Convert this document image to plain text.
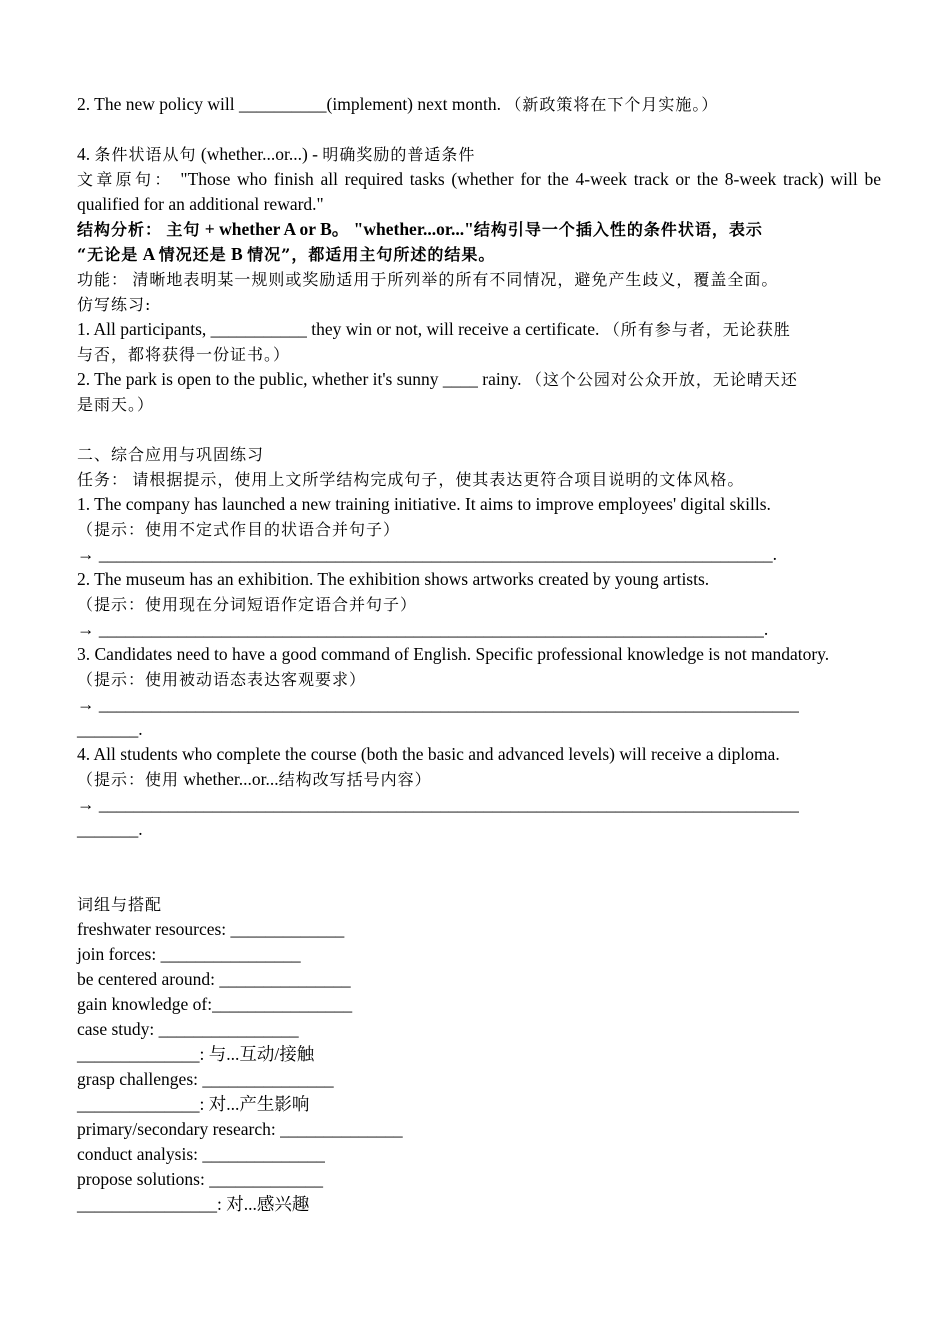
2. The new policy will __________(implement) next month. （新政策将在下个月实施。）
4. 条件状语从句 (whether...or...) - 明确奖励的普适条件
文章原句： "Those who finish all required tasks (whether for the 4-week track or the 8-week track) will be qualified for an additional reward."
结构分析： 主句 + whether A or B。 "whether...or..."结构引导一个插入性的条件状语，表示
“无论是 A 情况还是 B 情况”，都适用主句所述的结果。
功能： 清晰地表明某一规则或奖励适用于所列举的所有不同情况，避免产生歧义，覆盖全面。
仿写练习:
1. All participants, ___________ they win or not, will receive a certificate. （所有参与者，无论获胜
与否，都将获得一份证书。）
2. The park is open to the public, whether it's sunny ____ rainy. （这个公园对公众开放，无论晴天还
是雨天。）
二、综合应用与巩固练习
任务： 请根据提示，使用上文所学结构完成句子，使其表达更符合项目说明的文体风格。
1. The company has launched a new training initiative. It aims to improve employees' digital skills.
（提示：使用不定式作目的状语合并句子）
→ _____________________________________________________________________________.
2. The museum has an exhibition. The exhibition shows artworks created by young artists.
（提示：使用现在分词短语作定语合并句子）
→ ____________________________________________________________________________.
3. Candidates need to have a good command of English. Specific professional knowledge is not mandatory.
（提示：使用被动语态表达客观要求）
→ ________________________________________________________________________________
_______.
4. All students who complete the course (both the basic and advanced levels) will receive a diploma.
（提示：使用 whether...or...结构改写括号内容）
→ ________________________________________________________________________________
_______.
词组与搭配
freshwater resources: _____________
join forces: ________________
be centered around: _______________
gain knowledge of:________________
case study: ________________
______________: 与...互动/接触
grasp challenges: _______________
______________: 对...产生影响
primary/secondary research: ______________
conduct analysis: ______________
propose solutions: _____________
________________: 对...感兴趣
